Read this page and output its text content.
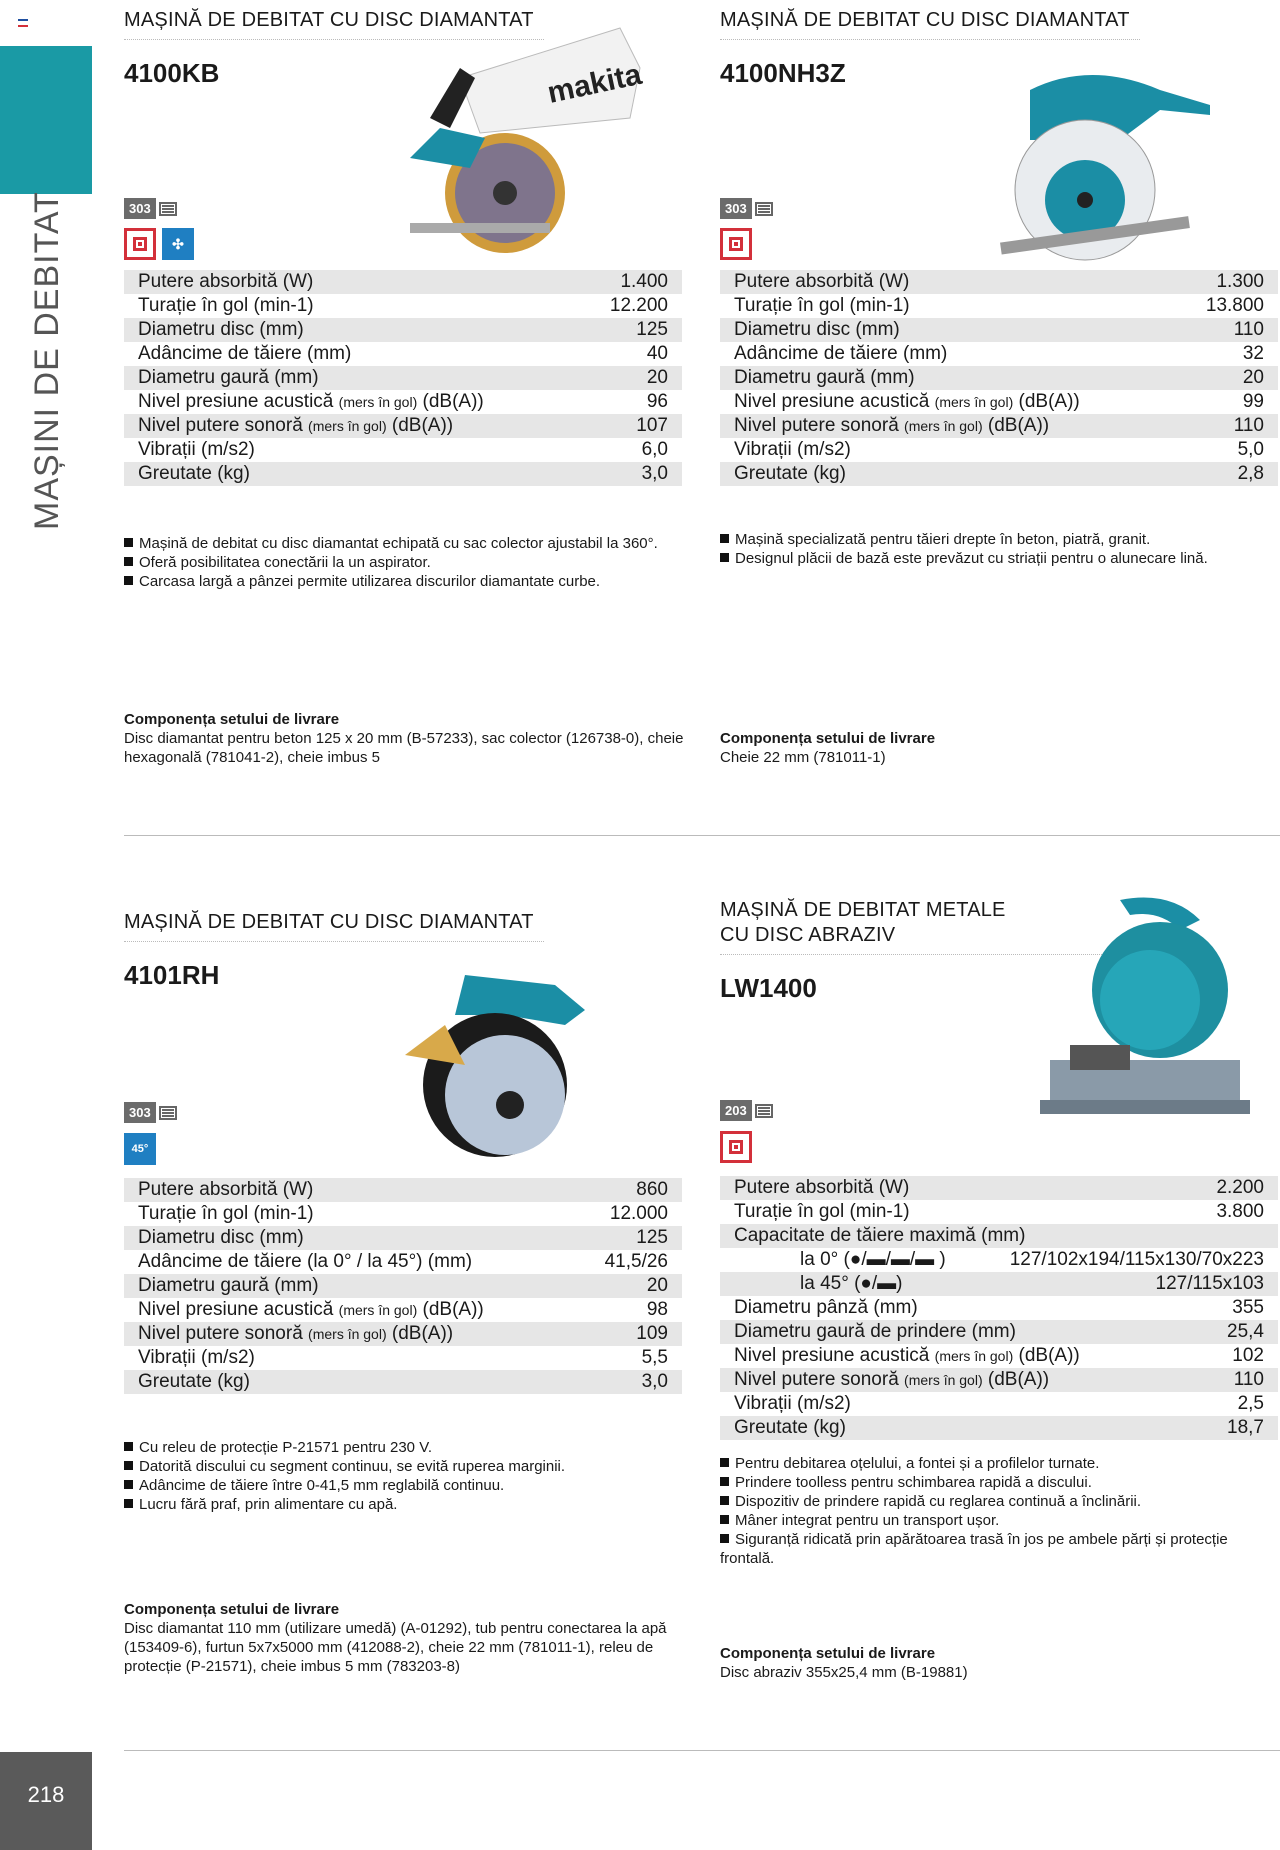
MAȘINI DE DEBITAT
218
MAȘINĂ DE DEBITAT CU DISC DIAMANTAT
4100KB	makita
303
✣
Putere absorbită (W)	1.400
Turație în gol (min-1)	12.200
Diametru disc (mm)	125
Adâncime de tăiere (mm)	40
Diametru gaură (mm)	20
Nivel presiune acustică (mers în gol) (dB(A))	96
Nivel putere sonoră (mers în gol) (dB(A))	107
Vibrații (m/s2)	6,0
Greutate (kg)	3,0
Mașină de debitat cu disc diamantat echipată cu sac colector ajustabil la 360°.
Oferă posibilitatea conectării la un aspirator.
Carcasa largă a pânzei permite utilizarea discurilor diamantate curbe.
Componența setului de livrare
Disc diamantat pentru beton 125 x 20 mm (B-57233), sac colector (126738-0), cheie hexagonală (781041-2), cheie imbus 5
MAȘINĂ DE DEBITAT CU DISC DIAMANTAT
4100NH3Z
303
Putere absorbită (W)	1.300
Turație în gol (min-1)	13.800
Diametru disc (mm)	110
Adâncime de tăiere (mm)	32
Diametru gaură (mm)	20
Nivel presiune acustică (mers în gol) (dB(A))	99
Nivel putere sonoră (mers în gol) (dB(A))	110
Vibrații (m/s2)	5,0
Greutate (kg)	2,8
Mașină specializată pentru tăieri drepte în beton, piatră, granit.
Designul plăcii de bază este prevăzut cu striații pentru o alunecare lină.
Componența setului de livrare
Cheie 22 mm (781011-1)
MAȘINĂ DE DEBITAT CU DISC DIAMANTAT
4101RH
303
45°
Putere absorbită (W)	860
Turație în gol (min-1)	12.000
Diametru disc (mm)	125
Adâncime de tăiere (la 0° / la 45°) (mm)	41,5/26
Diametru gaură (mm)	20
Nivel presiune acustică (mers în gol) (dB(A))	98
Nivel putere sonoră (mers în gol) (dB(A))	109
Vibrații (m/s2)	5,5
Greutate (kg)	3,0
Cu releu de protecție P-21571 pentru 230 V.
Datorită discului cu segment continuu, se evită ruperea marginii.
Adâncime de tăiere între 0-41,5 mm reglabilă continuu.
Lucru fără praf, prin alimentare cu apă.
Componența setului de livrare
Disc diamantat 110 mm (utilizare umedă) (A-01292), tub pentru conectarea la apă (153409-6), furtun 5x7x5000 mm (412088-2), cheie 22 mm (781011-1), releu de protecție (P-21571), cheie imbus 5 mm (783203-8)
MAȘINĂ DE DEBITAT METALE
CU DISC ABRAZIV
LW1400
203
Putere absorbită (W)	2.200
Turație în gol (min-1)	3.800
Capacitate de tăiere maximă (mm)
la 0° (●/▬/▬/▬ )	127/102x194/115x130/70x223
la 45° (●/▬)	127/115x103
Diametru pânză (mm)	355
Diametru gaură de prindere (mm)	25,4
Nivel presiune acustică (mers în gol) (dB(A))	102
Nivel putere sonoră (mers în gol) (dB(A))	110
Vibrații (m/s2)	2,5
Greutate (kg)	18,7
Pentru debitarea oțelului, a fontei și a profilelor turnate.
Prindere toolless pentru schimbarea rapidă a discului.
Dispozitiv de prindere rapidă cu reglarea continuă a înclinării.
Mâner integrat pentru un transport ușor.
Siguranță ridicată prin apărătoarea trasă în jos pe ambele părți și protecție frontală.
Componența setului de livrare
Disc abraziv 355x25,4 mm (B-19881)
